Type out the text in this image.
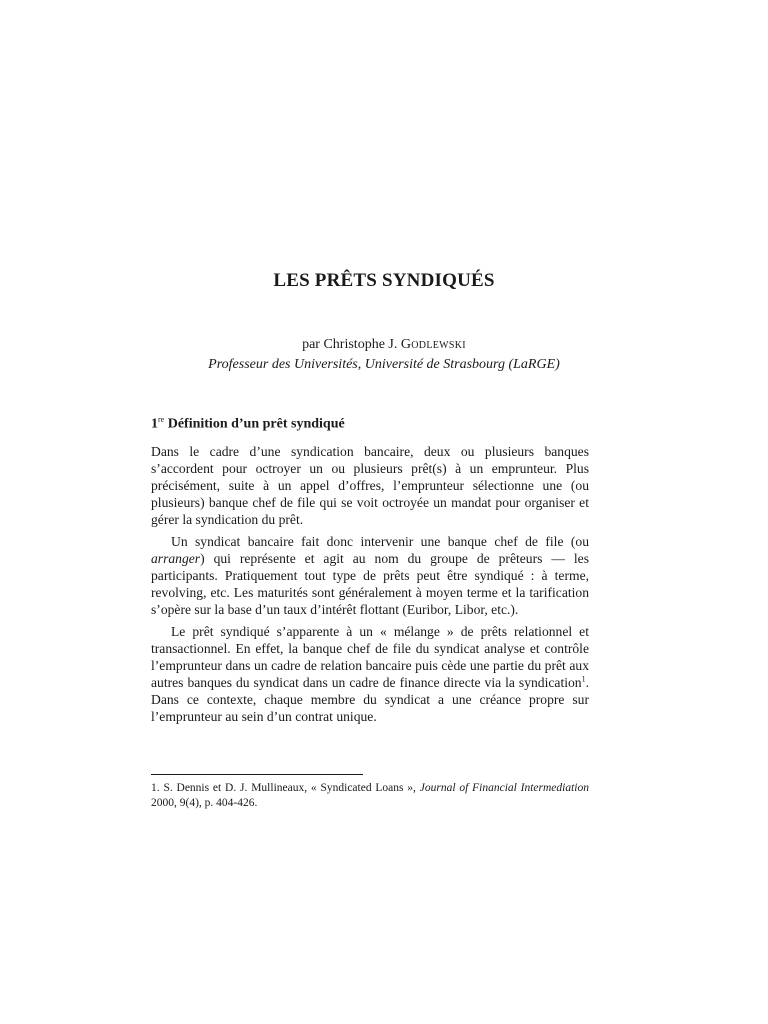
LES PRÊTS SYNDIQUÉS
par Christophe J. Godlewski
Professeur des Universités, Université de Strasbourg (LaRGE)
1re Définition d’un prêt syndiqué

Dans le cadre d’une syndication bancaire, deux ou plusieurs banques s’accordent pour octroyer un ou plusieurs prêt(s) à un emprunteur. Plus précisément, suite à un appel d’offres, l’emprunteur sélectionne une (ou plusieurs) banque chef de file qui se voit octroyée un mandat pour organiser et gérer la syndication du prêt.

Un syndicat bancaire fait donc intervenir une banque chef de file (ou arranger) qui représente et agit au nom du groupe de prêteurs — les participants. Pratiquement tout type de prêts peut être syndiqué : à terme, revolving, etc. Les maturités sont généralement à moyen terme et la tarification s’opère sur la base d’un taux d’intérêt flottant (Euribor, Libor, etc.).

Le prêt syndiqué s’apparente à un « mélange » de prêts relationnel et transactionnel. En effet, la banque chef de file du syndicat analyse et contrôle l’emprunteur dans un cadre de relation bancaire puis cède une partie du prêt aux autres banques du syndicat dans un cadre de finance directe via la syndication$^1$. Dans ce contexte, chaque membre du syndicat a une créance propre sur l’emprunteur au sein d’un contrat unique.

1. S. Dennis et D. J. Mullineaux, « Syndicated Loans », Journal of Financial Intermediation 2000, 9(4), p. 404-426.
